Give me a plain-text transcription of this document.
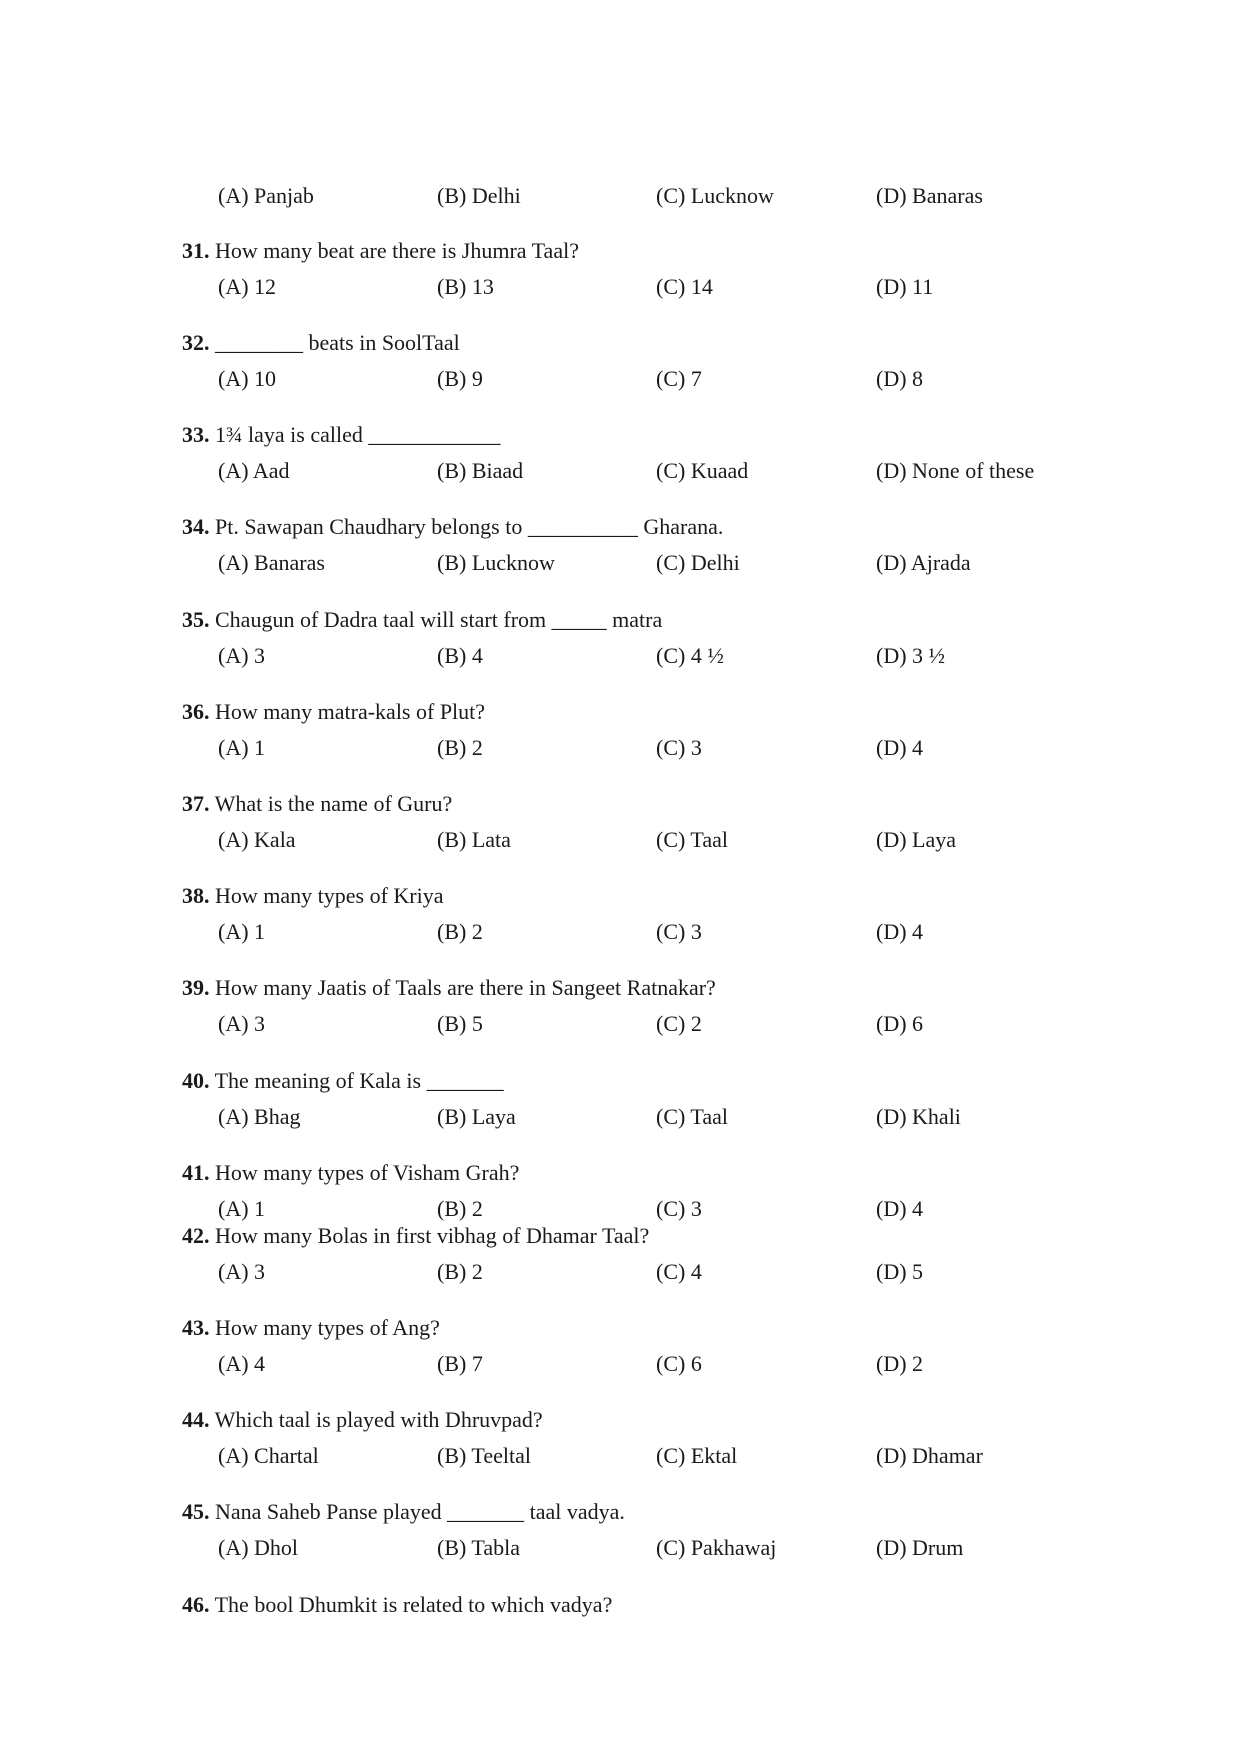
(A) Panjab	(B) Delhi	(C) Lucknow	(D) Banaras
31. How many beat are there is Jhumra Taal?
(A) 12	(B) 13	(C) 14	(D) 11
32. ________ beats in SoolTaal
(A) 10	(B) 9	(C) 7	(D) 8
33. 1¾ laya is called ____________
(A) Aad	(B) Biaad	(C) Kuaad	(D) None of these
34. Pt. Sawapan Chaudhary belongs to __________ Gharana.
(A) Banaras	(B) Lucknow	(C) Delhi	(D) Ajrada
35. Chaugun of Dadra taal will start from _____ matra
(A) 3	(B) 4	(C) 4 ½	(D) 3 ½
36. How many matra-kals of Plut?
(A) 1	(B) 2	(C) 3	(D) 4
37. What is the name of Guru?
(A) Kala	(B) Lata	(C) Taal	(D) Laya
38. How many types of Kriya
(A) 1	(B) 2	(C) 3	(D) 4
39. How many Jaatis of Taals are there in Sangeet Ratnakar?
(A) 3	(B) 5	(C) 2	(D) 6
40. The meaning of Kala is _______
(A) Bhag	(B) Laya	(C) Taal	(D) Khali
41. How many types of Visham Grah?
(A) 1	(B) 2	(C) 3	(D) 4
42. How many Bolas in first vibhag of Dhamar Taal?
(A) 3	(B) 2	(C) 4	(D) 5
43. How many types of Ang?
(A) 4	(B) 7	(C) 6	(D) 2
44. Which taal is played with Dhruvpad?
(A) Chartal	(B) Teeltal	(C) Ektal	(D) Dhamar
45. Nana Saheb Panse played _______ taal vadya.
(A) Dhol	(B) Tabla	(C) Pakhawaj	(D) Drum
46. The bool Dhumkit is related to which vadya?
